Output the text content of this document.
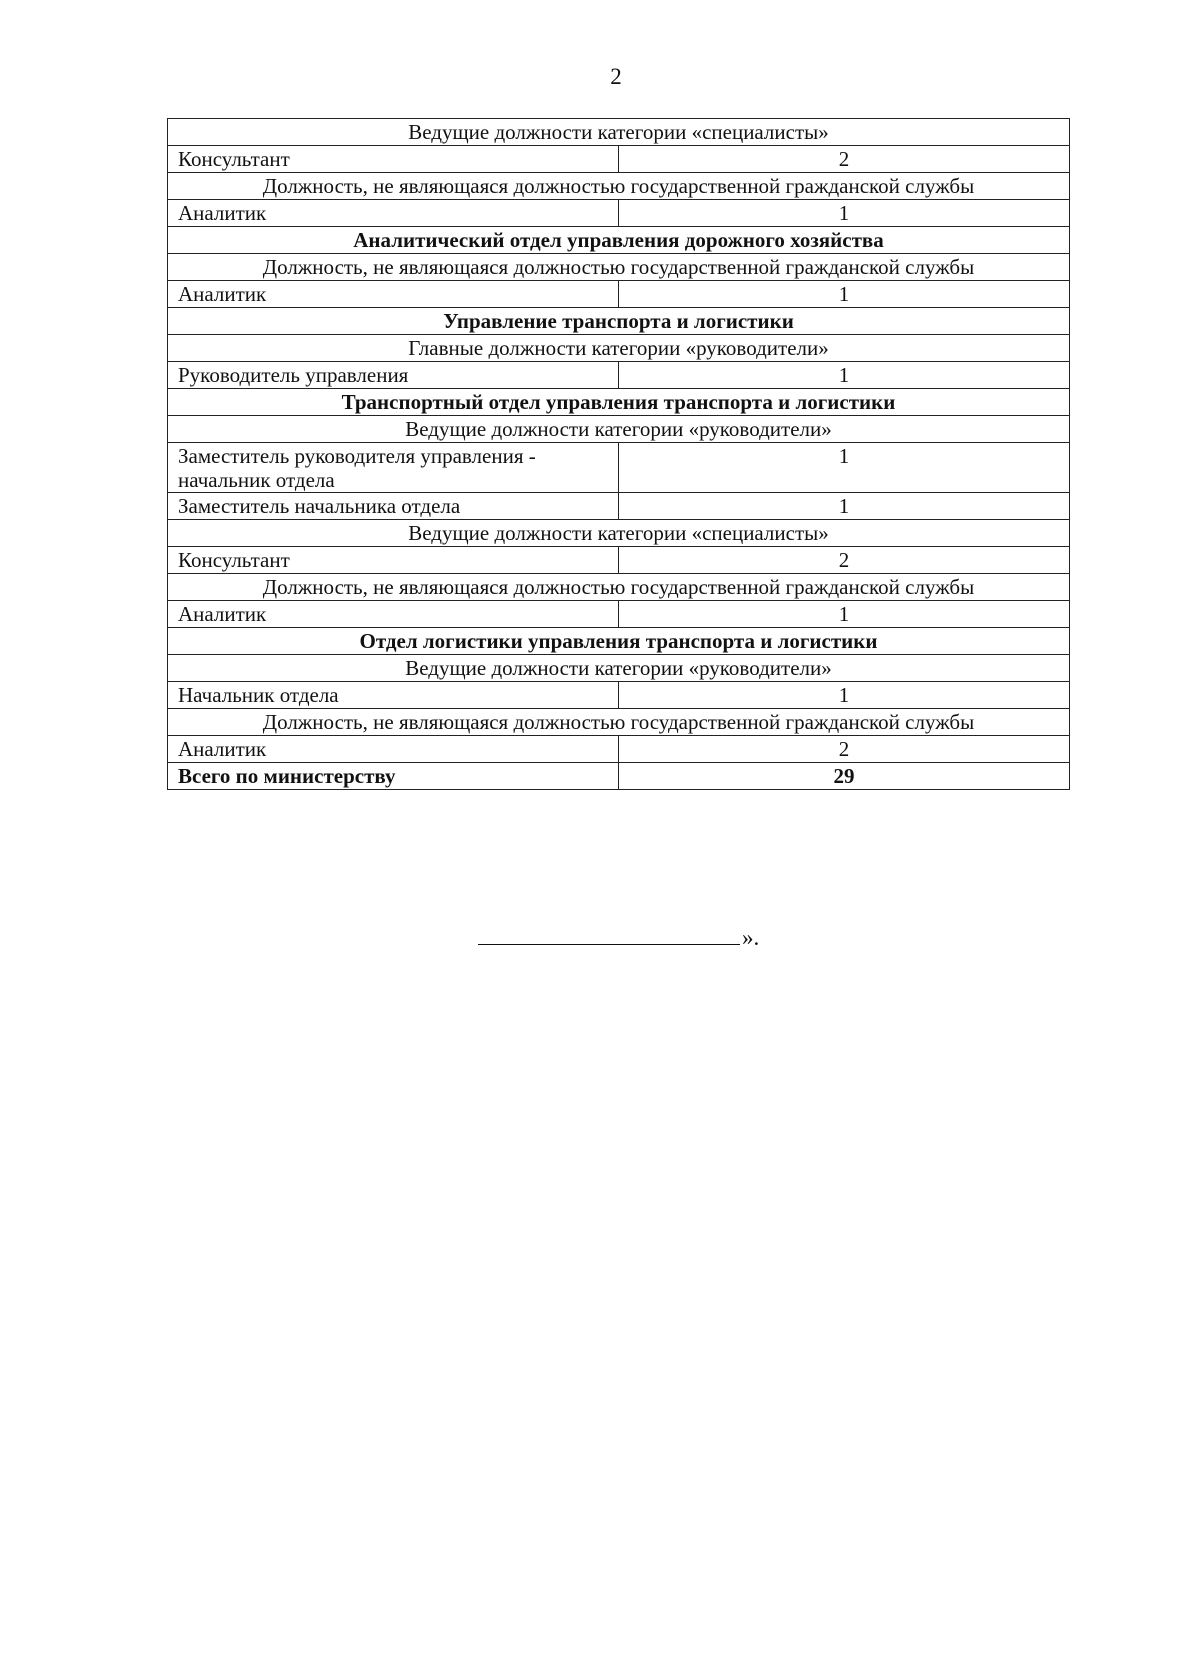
2
Ведущие должности категории «специалисты»	
Консультант	2
Должность, не являющаяся должностью государственной гражданской службы	
Аналитик	1
Аналитический отдел управления дорожного хозяйства	
Должность, не являющаяся должностью государственной гражданской службы	
Аналитик	1
Управление транспорта и логистики	
Главные должности категории «руководители»	
Руководитель управления	1
Транспортный отдел управления транспорта и логистики	
Ведущие должности категории «руководители»	
Заместитель руководителя управления - начальник отдела	1
Заместитель начальника отдела	1
Ведущие должности категории «специалисты»	
Консультант	2
Должность, не являющаяся должностью государственной гражданской службы	
Аналитик	1
Отдел логистики управления транспорта и логистики	
Ведущие должности категории «руководители»	
Начальник отдела	1
Должность, не являющаяся должностью государственной гражданской службы	
Аналитик	2
Всего по министерству	29
».
